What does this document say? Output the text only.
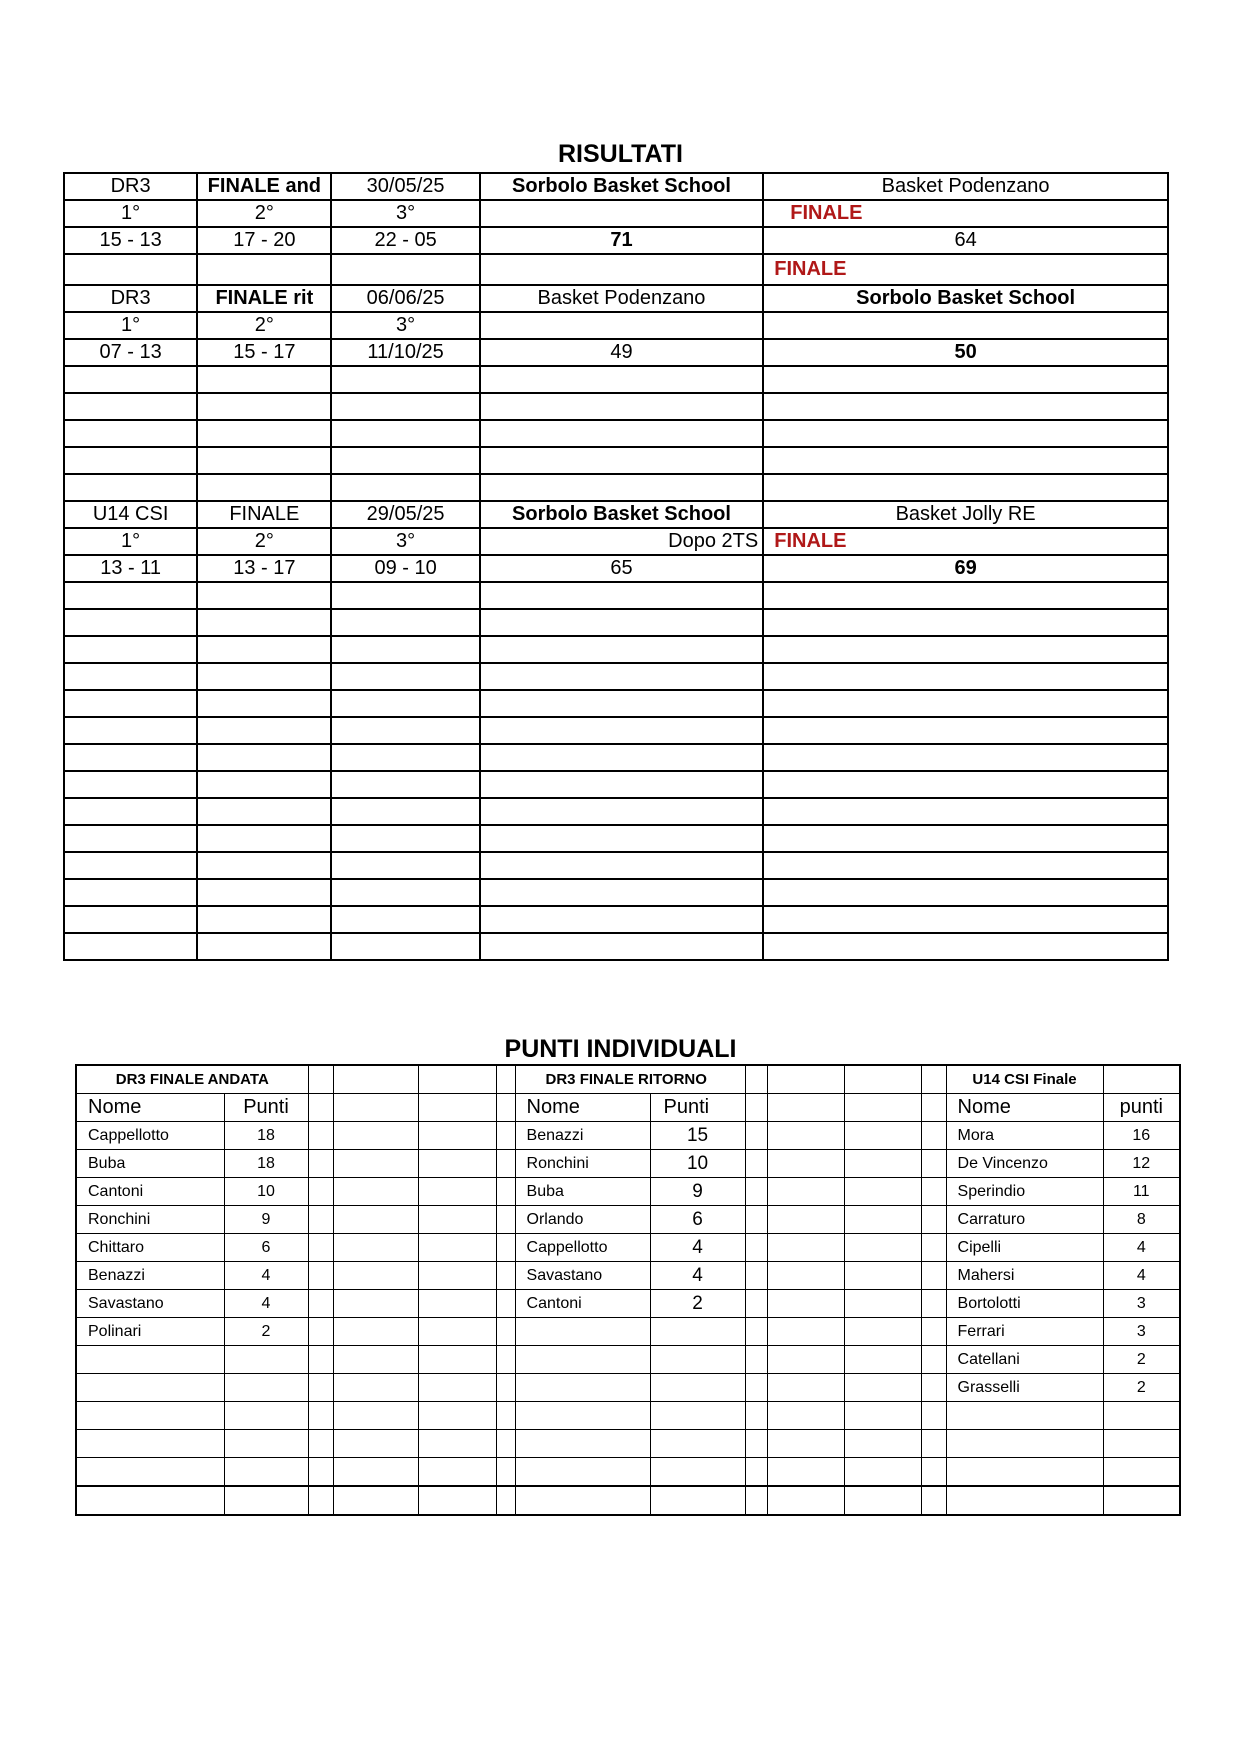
RISULTATI
DR3	FINALE and	30/05/25	Sorbolo Basket School	Basket Podenzano
1°	2°	3°		FINALE
15 - 13	17 - 20	22 - 05	71	64
				FINALE
DR3	FINALE rit	06/06/25	Basket Podenzano	Sorbolo Basket School
1°	2°	3°		
07 - 13	15 - 17	11/10/25	49	50

U14 CSI	FINALE	29/05/25	Sorbolo Basket School	Basket Jolly RE
1°	2°	3°	Dopo 2TS	FINALE
13 - 11	13 - 17	09 - 10	65	69

PUNTI INDIVIDUALI
DR3 FINALE ANDATA						DR3 FINALE RITORNO						U14 CSI Finale	
Nome	Punti					Nome	Punti					Nome	punti
Cappellotto	18					Benazzi	15					Mora	16
Buba	18					Ronchini	10					De Vincenzo	12
Cantoni	10					Buba	9					Sperindio	11
Ronchini	9					Orlando	6					Carraturo	8
Chittaro	6					Cappellotto	4					Cipelli	4
Benazzi	4					Savastano	4					Mahersi	4
Savastano	4					Cantoni	2					Bortolotti	3
Polinari	2											Ferrari	3
												Catellani	2
												Grasselli	2
